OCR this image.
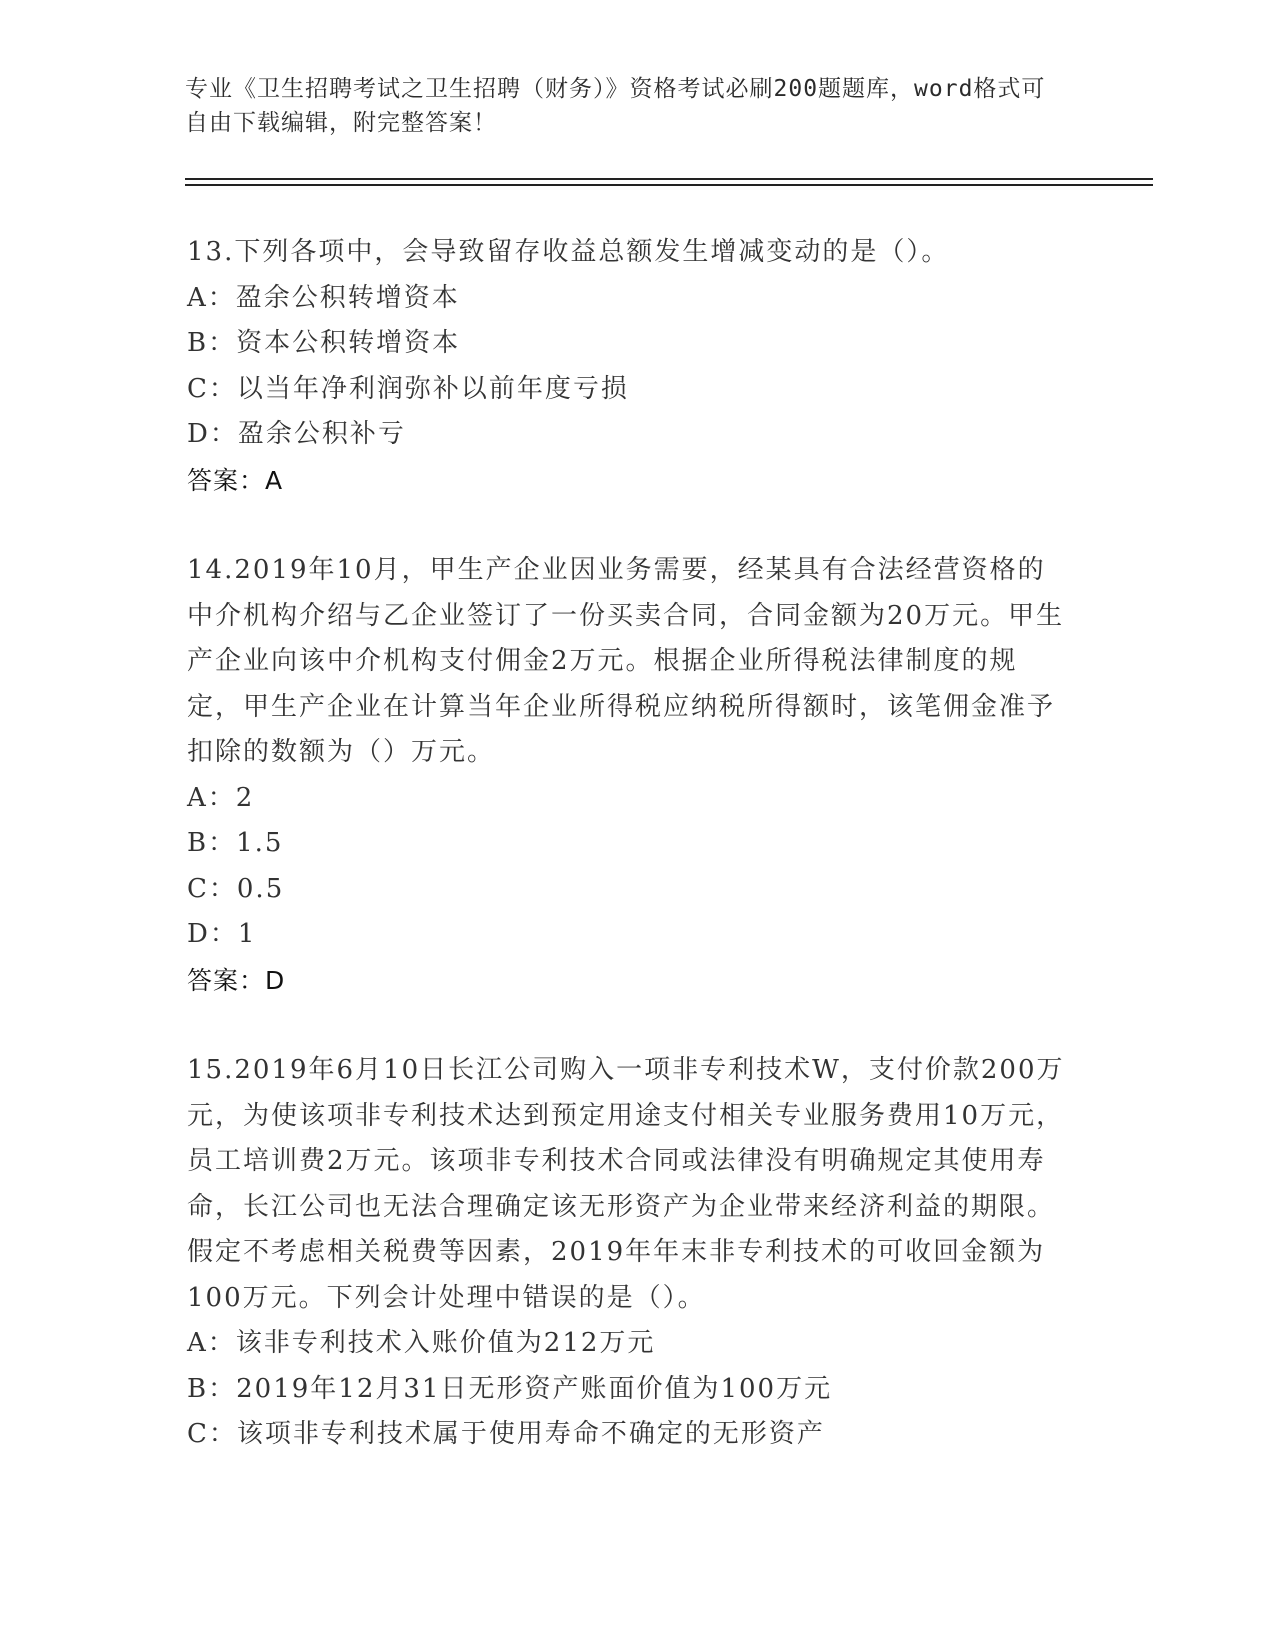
专业《卫生招聘考试之卫生招聘（财务）》资格考试必刷200题题库，word格式可自由下载编辑，附完整答案！

13.下列各项中，会导致留存收益总额发生增减变动的是（）。

A：盈余公积转增资本

B：资本公积转增资本

C：以当年净利润弥补以前年度亏损

D：盈余公积补亏

答案：A

14.2019年10月，甲生产企业因业务需要，经某具有合法经营资格的中介机构介绍与乙企业签订了一份买卖合同，合同金额为20万元。甲生产企业向该中介机构支付佣金2万元。根据企业所得税法律制度的规定，甲生产企业在计算当年企业所得税应纳税所得额时，该笔佣金准予扣除的数额为（）万元。

A：2

B：1.5

C：0.5

D：1

答案：D

15.2019年6月10日长江公司购入一项非专利技术W，支付价款200万元，为使该项非专利技术达到预定用途支付相关专业服务费用10万元，员工培训费2万元。该项非专利技术合同或法律没有明确规定其使用寿命，长江公司也无法合理确定该无形资产为企业带来经济利益的期限。假定不考虑相关税费等因素，2019年年末非专利技术的可收回金额为100万元。下列会计处理中错误的是（）。

A：该非专利技术入账价值为212万元

B：2019年12月31日无形资产账面价值为100万元

C：该项非专利技术属于使用寿命不确定的无形资产
